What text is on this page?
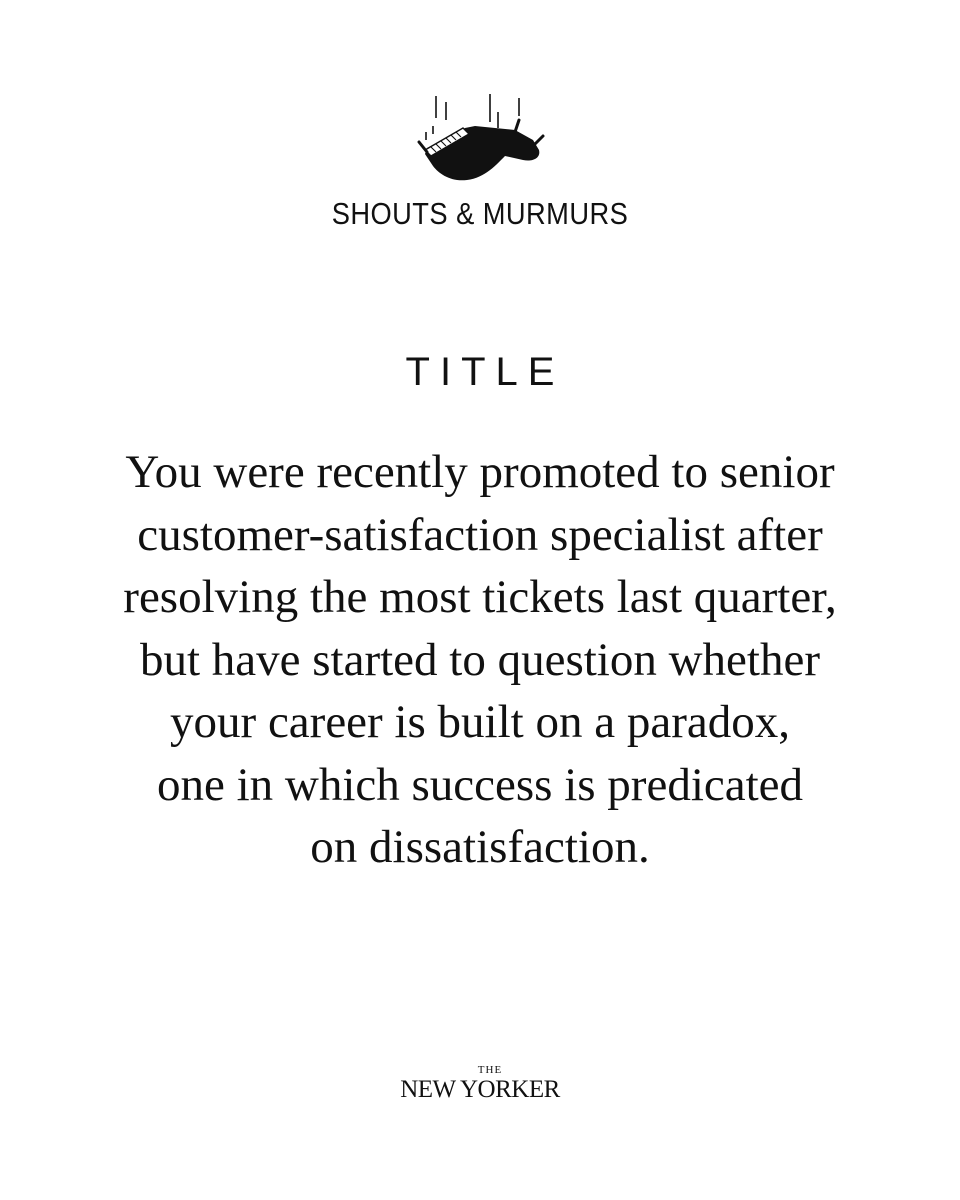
SHOUTS & MURMURS
TITLE

You were recently promoted to senior
customer-satisfaction specialist after
resolving the most tickets last quarter,
but have started to question whether
your career is built on a paradox,
one in which success is predicated
on dissatisfaction.

THE
NEW YORKER
